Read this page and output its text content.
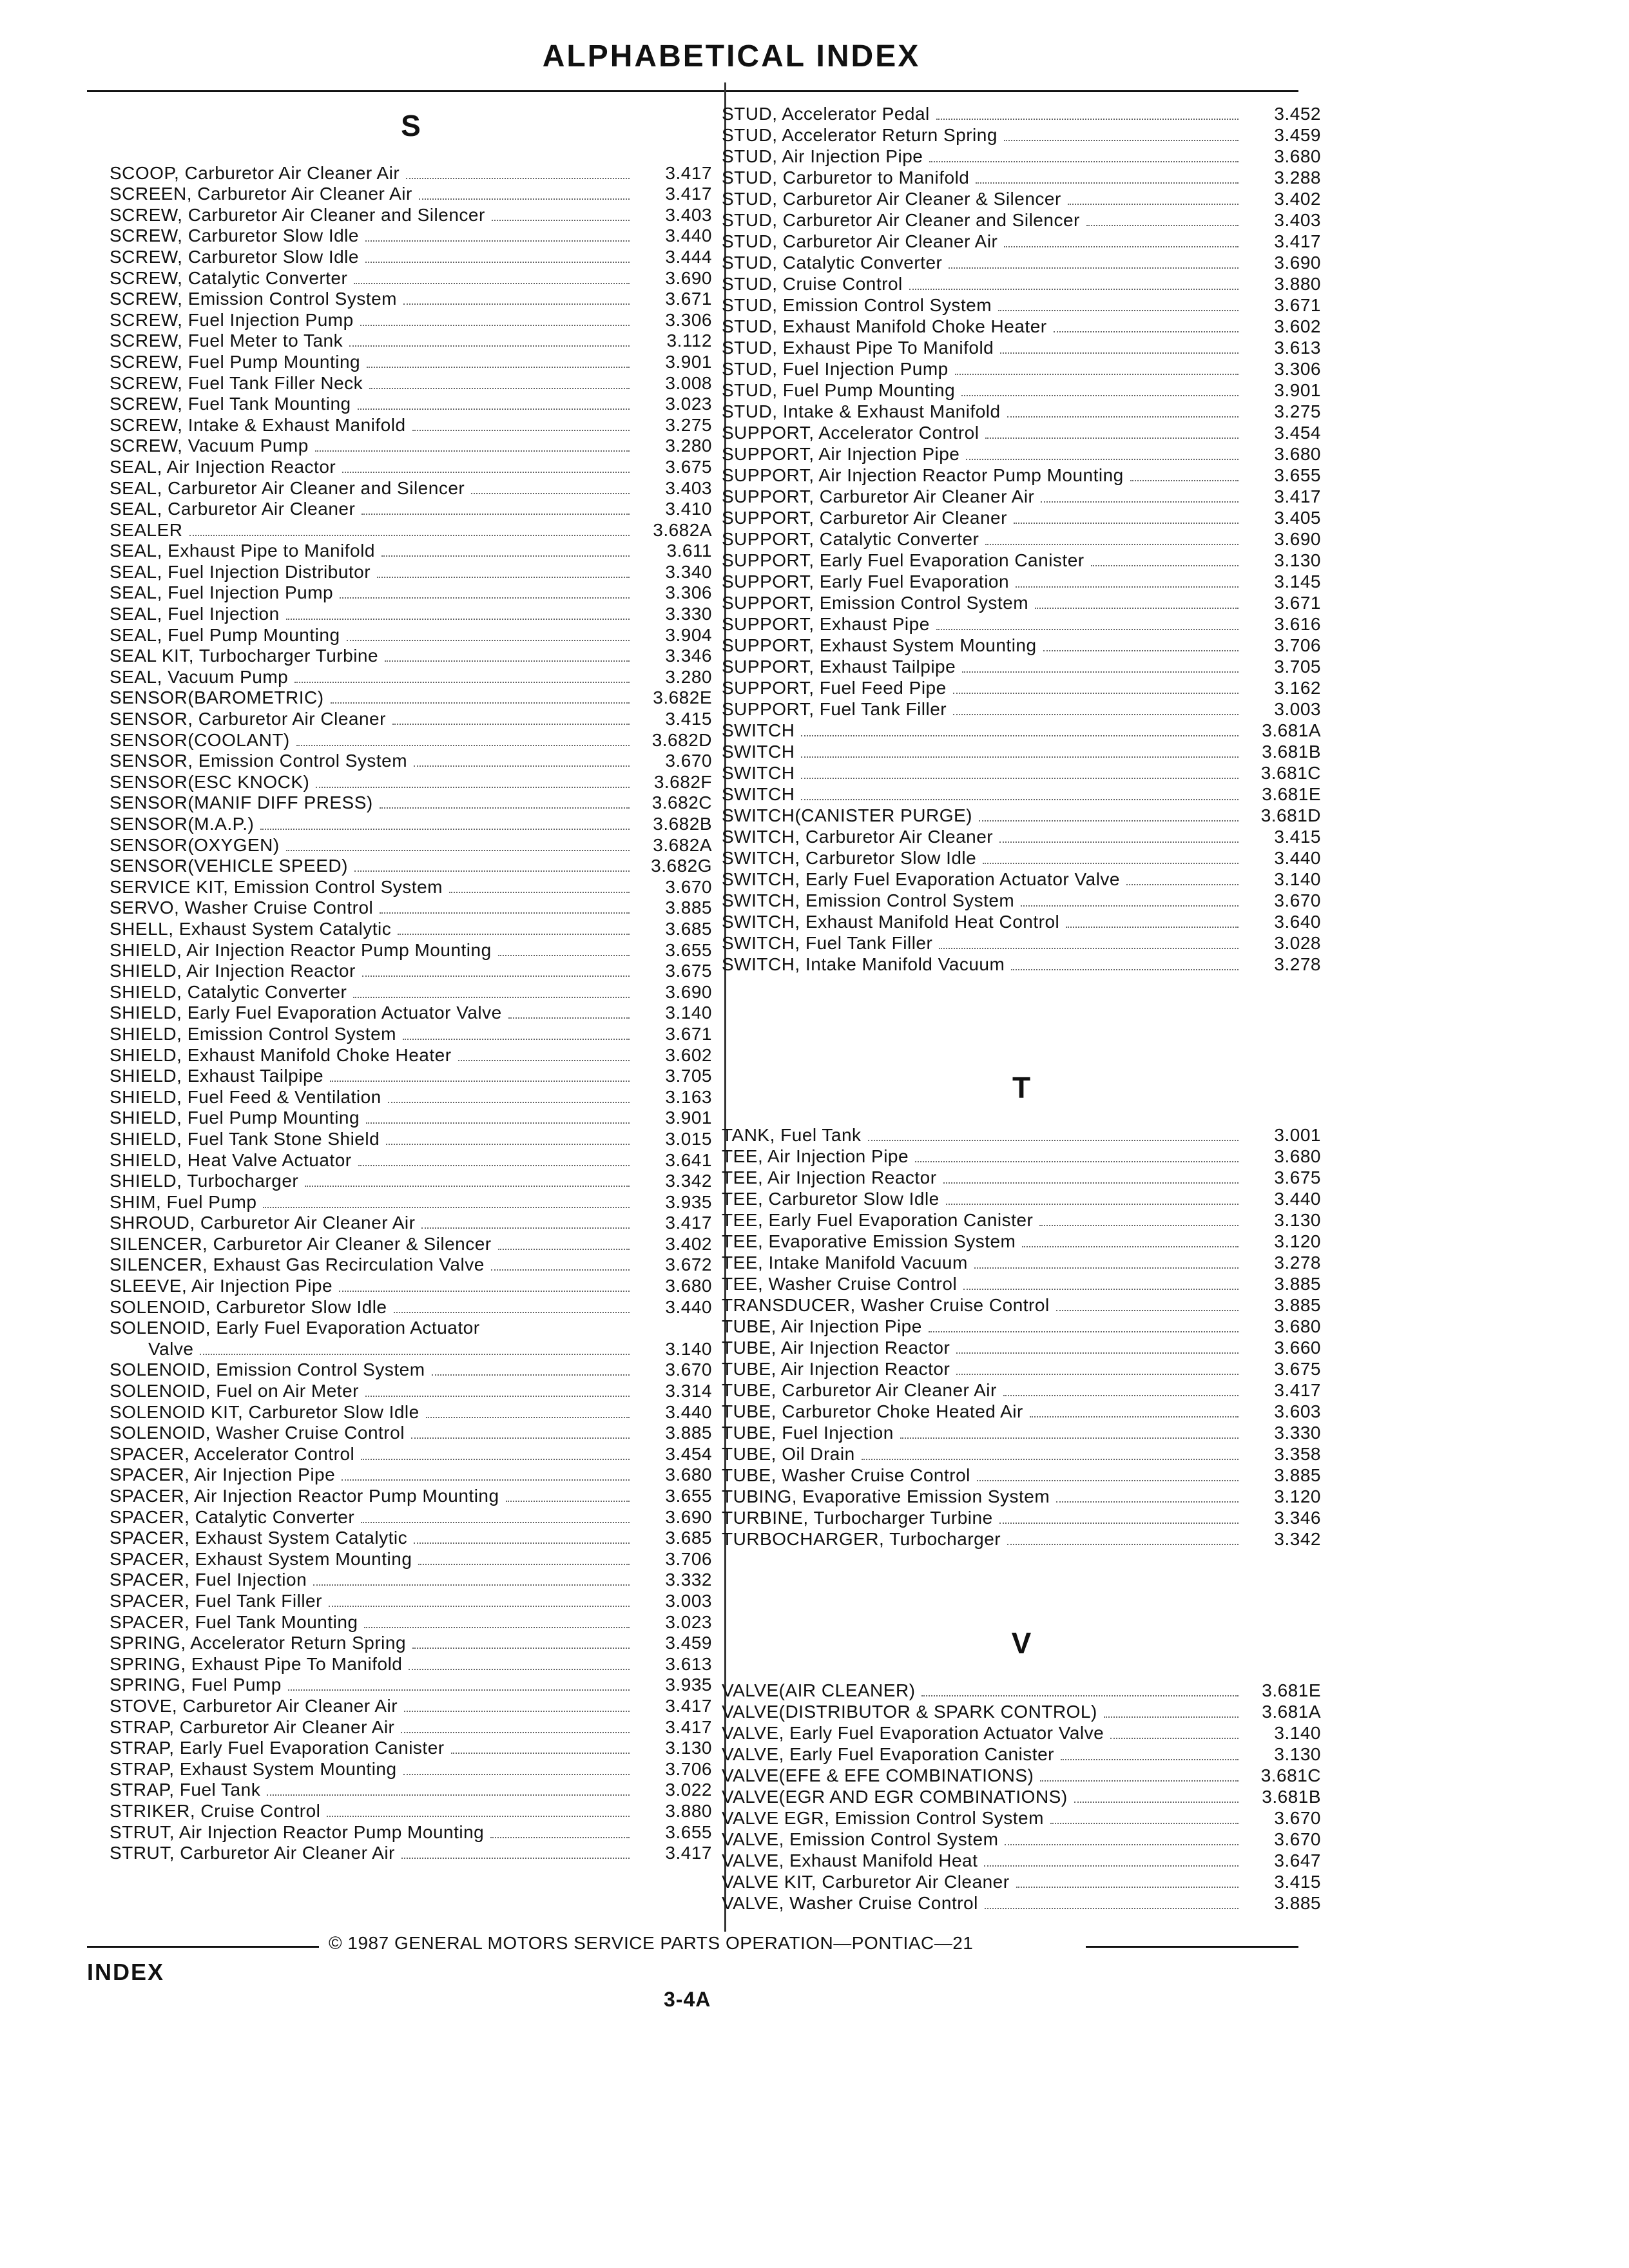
ALPHABETICAL INDEX
S
SCOOP, Carburetor Air Cleaner Air	3.417
SCREEN, Carburetor Air Cleaner Air	3.417
SCREW, Carburetor Air Cleaner and Silencer	3.403
SCREW, Carburetor Slow Idle	3.440
SCREW, Carburetor Slow Idle	3.444
SCREW, Catalytic Converter	3.690
SCREW, Emission Control System	3.671
SCREW, Fuel Injection Pump	3.306
SCREW, Fuel Meter to Tank	3.112
SCREW, Fuel Pump Mounting	3.901
SCREW, Fuel Tank Filler Neck	3.008
SCREW, Fuel Tank Mounting	3.023
SCREW, Intake & Exhaust Manifold	3.275
SCREW, Vacuum Pump	3.280
SEAL, Air Injection Reactor	3.675
SEAL, Carburetor Air Cleaner and Silencer	3.403
SEAL, Carburetor Air Cleaner	3.410
SEALER	3.682A
SEAL, Exhaust Pipe to Manifold	3.611
SEAL, Fuel Injection Distributor	3.340
SEAL, Fuel Injection Pump	3.306
SEAL, Fuel Injection	3.330
SEAL, Fuel Pump Mounting	3.904
SEAL KIT, Turbocharger Turbine	3.346
SEAL, Vacuum Pump	3.280
SENSOR(BAROMETRIC)	3.682E
SENSOR, Carburetor Air Cleaner	3.415
SENSOR(COOLANT)	3.682D
SENSOR, Emission Control System	3.670
SENSOR(ESC KNOCK)	3.682F
SENSOR(MANIF DIFF PRESS)	3.682C
SENSOR(M.A.P.)	3.682B
SENSOR(OXYGEN)	3.682A
SENSOR(VEHICLE SPEED)	3.682G
SERVICE KIT, Emission Control System	3.670
SERVO, Washer Cruise Control	3.885
SHELL, Exhaust System Catalytic	3.685
SHIELD, Air Injection Reactor Pump Mounting	3.655
SHIELD, Air Injection Reactor	3.675
SHIELD, Catalytic Converter	3.690
SHIELD, Early Fuel Evaporation Actuator Valve	3.140
SHIELD, Emission Control System	3.671
SHIELD, Exhaust Manifold Choke Heater	3.602
SHIELD, Exhaust Tailpipe	3.705
SHIELD, Fuel Feed & Ventilation	3.163
SHIELD, Fuel Pump Mounting	3.901
SHIELD, Fuel Tank Stone Shield	3.015
SHIELD, Heat Valve Actuator	3.641
SHIELD, Turbocharger	3.342
SHIM, Fuel Pump	3.935
SHROUD, Carburetor Air Cleaner Air	3.417
SILENCER, Carburetor Air Cleaner & Silencer	3.402
SILENCER, Exhaust Gas Recirculation Valve	3.672
SLEEVE, Air Injection Pipe	3.680
SOLENOID, Carburetor Slow Idle	3.440
SOLENOID, Early Fuel Evaporation Actuator
Valve	3.140
SOLENOID, Emission Control System	3.670
SOLENOID, Fuel on Air Meter	3.314
SOLENOID KIT, Carburetor Slow Idle	3.440
SOLENOID, Washer Cruise Control	3.885
SPACER, Accelerator Control	3.454
SPACER, Air Injection Pipe	3.680
SPACER, Air Injection Reactor Pump Mounting	3.655
SPACER, Catalytic Converter	3.690
SPACER, Exhaust System Catalytic	3.685
SPACER, Exhaust System Mounting	3.706
SPACER, Fuel Injection	3.332
SPACER, Fuel Tank Filler	3.003
SPACER, Fuel Tank Mounting	3.023
SPRING, Accelerator Return Spring	3.459
SPRING, Exhaust Pipe To Manifold	3.613
SPRING, Fuel Pump	3.935
STOVE, Carburetor Air Cleaner Air	3.417
STRAP, Carburetor Air Cleaner Air	3.417
STRAP, Early Fuel Evaporation Canister	3.130
STRAP, Exhaust System Mounting	3.706
STRAP, Fuel Tank	3.022
STRIKER, Cruise Control	3.880
STRUT, Air Injection Reactor Pump Mounting	3.655
STRUT, Carburetor Air Cleaner Air	3.417
STUD, Accelerator Pedal	3.452
STUD, Accelerator Return Spring	3.459
STUD, Air Injection Pipe	3.680
STUD, Carburetor to Manifold	3.288
STUD, Carburetor Air Cleaner & Silencer	3.402
STUD, Carburetor Air Cleaner and Silencer	3.403
STUD, Carburetor Air Cleaner Air	3.417
STUD, Catalytic Converter	3.690
STUD, Cruise Control	3.880
STUD, Emission Control System	3.671
STUD, Exhaust Manifold Choke Heater	3.602
STUD, Exhaust Pipe To Manifold	3.613
STUD, Fuel Injection Pump	3.306
STUD, Fuel Pump Mounting	3.901
STUD, Intake & Exhaust Manifold	3.275
SUPPORT, Accelerator Control	3.454
SUPPORT, Air Injection Pipe	3.680
SUPPORT, Air Injection Reactor Pump Mounting	3.655
SUPPORT, Carburetor Air Cleaner Air	3.417
SUPPORT, Carburetor Air Cleaner	3.405
SUPPORT, Catalytic Converter	3.690
SUPPORT, Early Fuel Evaporation Canister	3.130
SUPPORT, Early Fuel Evaporation	3.145
SUPPORT, Emission Control System	3.671
SUPPORT, Exhaust Pipe	3.616
SUPPORT, Exhaust System Mounting	3.706
SUPPORT, Exhaust Tailpipe	3.705
SUPPORT, Fuel Feed Pipe	3.162
SUPPORT, Fuel Tank Filler	3.003
SWITCH	3.681A
SWITCH	3.681B
SWITCH	3.681C
SWITCH	3.681E
SWITCH(CANISTER PURGE)	3.681D
SWITCH, Carburetor Air Cleaner	3.415
SWITCH, Carburetor Slow Idle	3.440
SWITCH, Early Fuel Evaporation Actuator Valve	3.140
SWITCH, Emission Control System	3.670
SWITCH, Exhaust Manifold Heat Control	3.640
SWITCH, Fuel Tank Filler	3.028
SWITCH, Intake Manifold Vacuum	3.278
T
TANK, Fuel Tank	3.001
TEE, Air Injection Pipe	3.680
TEE, Air Injection Reactor	3.675
TEE, Carburetor Slow Idle	3.440
TEE, Early Fuel Evaporation Canister	3.130
TEE, Evaporative Emission System	3.120
TEE, Intake Manifold Vacuum	3.278
TEE, Washer Cruise Control	3.885
TRANSDUCER, Washer Cruise Control	3.885
TUBE, Air Injection Pipe	3.680
TUBE, Air Injection Reactor	3.660
TUBE, Air Injection Reactor	3.675
TUBE, Carburetor Air Cleaner Air	3.417
TUBE, Carburetor Choke Heated Air	3.603
TUBE, Fuel Injection	3.330
TUBE, Oil Drain	3.358
TUBE, Washer Cruise Control	3.885
TUBING, Evaporative Emission System	3.120
TURBINE, Turbocharger Turbine	3.346
TURBOCHARGER, Turbocharger	3.342
V
VALVE(AIR CLEANER)	3.681E
VALVE(DISTRIBUTOR & SPARK CONTROL)	3.681A
VALVE, Early Fuel Evaporation Actuator Valve	3.140
VALVE, Early Fuel Evaporation Canister	3.130
VALVE(EFE & EFE COMBINATIONS)	3.681C
VALVE(EGR AND EGR COMBINATIONS)	3.681B
VALVE EGR, Emission Control System	3.670
VALVE, Emission Control System	3.670
VALVE, Exhaust Manifold Heat	3.647
VALVE KIT, Carburetor Air Cleaner	3.415
VALVE, Washer Cruise Control	3.885
© 1987 GENERAL MOTORS SERVICE PARTS OPERATION—PONTIAC—21
INDEX
3-4A
